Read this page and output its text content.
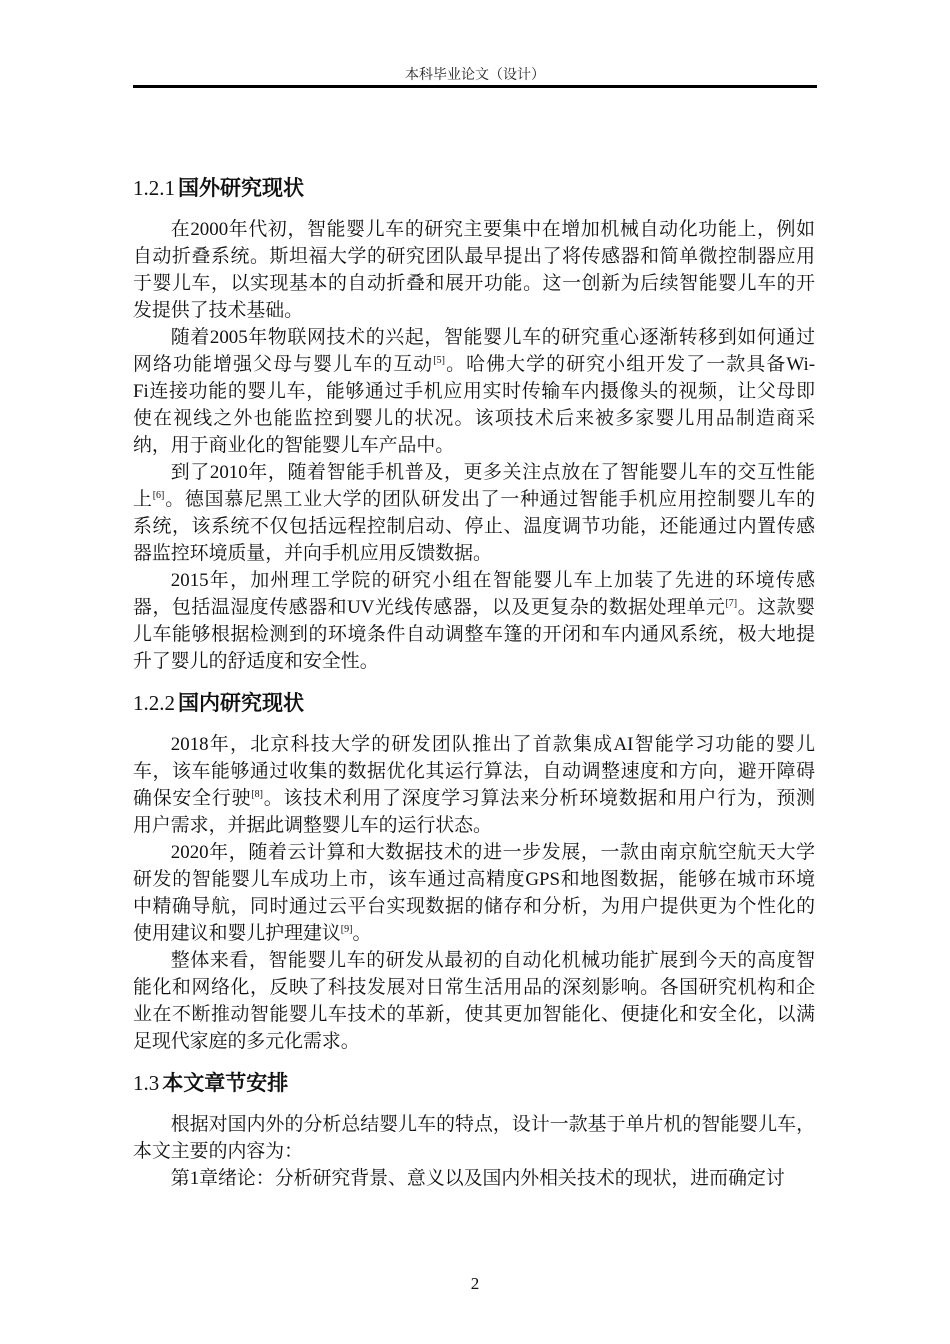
本科毕业论文（设计）
1.2.1 国外研究现状
在2000年代初，智能婴儿车的研究主要集中在增加机械自动化功能上，例如
自动折叠系统。斯坦福大学的研究团队最早提出了将传感器和简单微控制器应用
于婴儿车，以实现基本的自动折叠和展开功能。这一创新为后续智能婴儿车的开
发提供了技术基础。
随着2005年物联网技术的兴起，智能婴儿车的研究重心逐渐转移到如何通过
网络功能增强父母与婴儿车的互动[5]。哈佛大学的研究小组开发了一款具备Wi-
Fi连接功能的婴儿车，能够通过手机应用实时传输车内摄像头的视频，让父母即
使在视线之外也能监控到婴儿的状况。该项技术后来被多家婴儿用品制造商采
纳，用于商业化的智能婴儿车产品中。
到了2010年，随着智能手机普及，更多关注点放在了智能婴儿车的交互性能
上[6]。德国慕尼黑工业大学的团队研发出了一种通过智能手机应用控制婴儿车的
系统，该系统不仅包括远程控制启动、停止、温度调节功能，还能通过内置传感
器监控环境质量，并向手机应用反馈数据。
2015年，加州理工学院的研究小组在智能婴儿车上加装了先进的环境传感
器，包括温湿度传感器和UV光线传感器，以及更复杂的数据处理单元[7]。这款婴
儿车能够根据检测到的环境条件自动调整车篷的开闭和车内通风系统，极大地提
升了婴儿的舒适度和安全性。
1.2.2 国内研究现状
2018年，北京科技大学的研发团队推出了首款集成AI智能学习功能的婴儿
车，该车能够通过收集的数据优化其运行算法，自动调整速度和方向，避开障碍
确保安全行驶[8]。该技术利用了深度学习算法来分析环境数据和用户行为，预测
用户需求，并据此调整婴儿车的运行状态。
2020年，随着云计算和大数据技术的进一步发展，一款由南京航空航天大学
研发的智能婴儿车成功上市，该车通过高精度GPS和地图数据，能够在城市环境
中精确导航，同时通过云平台实现数据的储存和分析，为用户提供更为个性化的
使用建议和婴儿护理建议[9]。
整体来看，智能婴儿车的研发从最初的自动化机械功能扩展到今天的高度智
能化和网络化，反映了科技发展对日常生活用品的深刻影响。各国研究机构和企
业在不断推动智能婴儿车技术的革新，使其更加智能化、便捷化和安全化，以满
足现代家庭的多元化需求。
1.3 本文章节安排
根据对国内外的分析总结婴儿车的特点，设计一款基于单片机的智能婴儿车，
本文主要的内容为：
第1章绪论：分析研究背景、意义以及国内外相关技术的现状，进而确定讨
2
